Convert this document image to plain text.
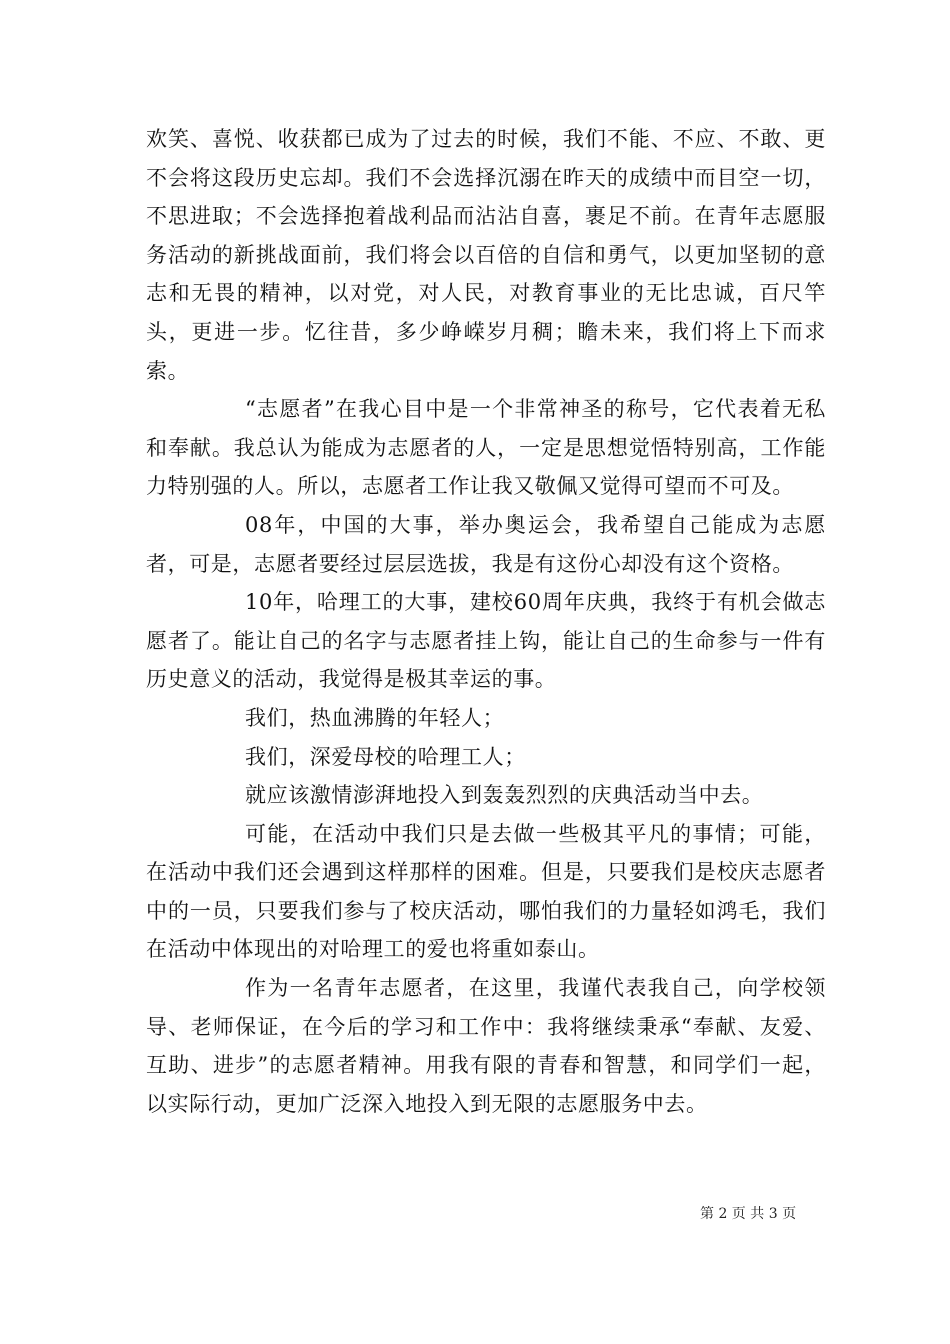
欢笑、喜悦、收获都已成为了过去的时候，我们不能、不应、不敢、更不会将这段历史忘却。我们不会选择沉溺在昨天的成绩中而目空一切，不思进取；不会选择抱着战利品而沾沾自喜，裹足不前。在青年志愿服务活动的新挑战面前，我们将会以百倍的自信和勇气，以更加坚韧的意志和无畏的精神，以对党，对人民，对教育事业的无比忠诚，百尺竿头，更进一步。忆往昔，多少峥嵘岁月稠；瞻未来，我们将上下而求索。

“志愿者”在我心目中是一个非常神圣的称号，它代表着无私和奉献。我总认为能成为志愿者的人，一定是思想觉悟特别高，工作能力特别强的人。所以，志愿者工作让我又敬佩又觉得可望而不可及。

08年，中国的大事，举办奥运会，我希望自己能成为志愿者，可是，志愿者要经过层层选拔，我是有这份心却没有这个资格。

10年，哈理工的大事，建校60周年庆典，我终于有机会做志愿者了。能让自己的名字与志愿者挂上钩，能让自己的生命参与一件有历史意义的活动，我觉得是极其幸运的事。

我们，热血沸腾的年轻人；

我们，深爱母校的哈理工人；

就应该激情澎湃地投入到轰轰烈烈的庆典活动当中去。

可能，在活动中我们只是去做一些极其平凡的事情；可能，在活动中我们还会遇到这样那样的困难。但是，只要我们是校庆志愿者中的一员，只要我们参与了校庆活动，哪怕我们的力量轻如鸿毛，我们在活动中体现出的对哈理工的爱也将重如泰山。

作为一名青年志愿者，在这里，我谨代表我自己，向学校领导、老师保证，在今后的学习和工作中：我将继续秉承“奉献、友爱、互助、进步”的志愿者精神。用我有限的青春和智慧，和同学们一起，以实际行动，更加广泛深入地投入到无限的志愿服务中去。

第 2 页 共 3 页
